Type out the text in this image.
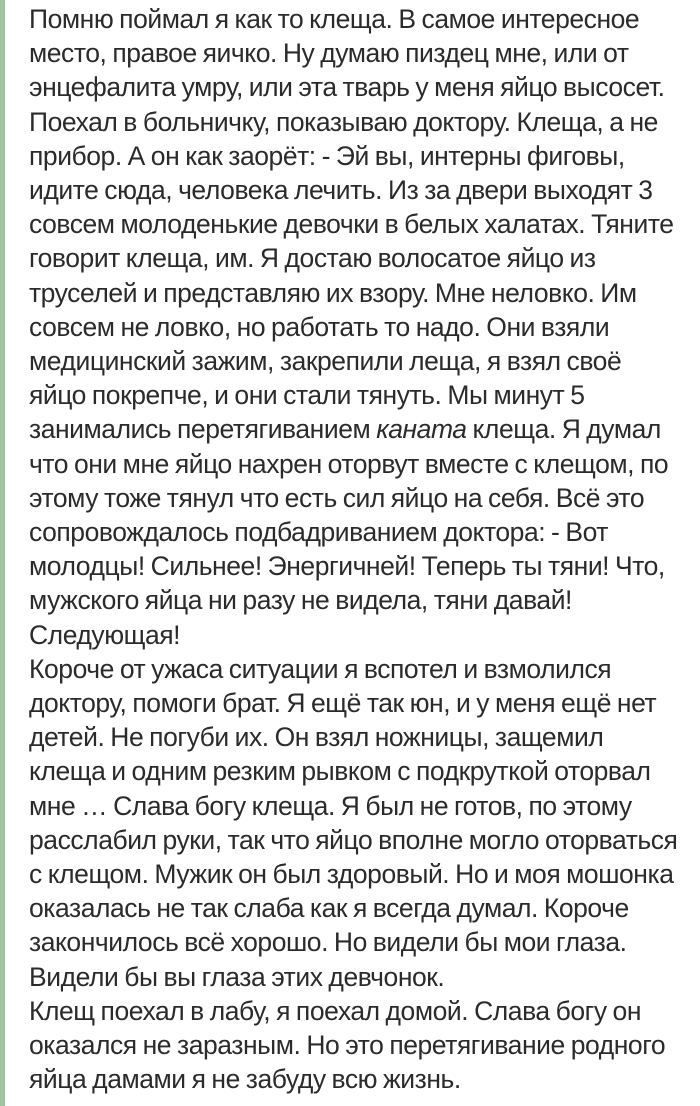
Помню поймал я как то клеща. В самое интересное
место, правое яичко. Ну думаю пиздец мне, или от
энцефалита умру, или эта тварь у меня яйцо высосет.
Поехал в больничку, показываю доктору. Клеща, а не
прибор. А он как заорёт: - Эй вы, интерны фиговы,
идите сюда, человека лечить. Из за двери выходят 3
совсем молоденькие девочки в белых халатах. Тяните
говорит клеща, им. Я достаю волосатое яйцо из
труселей и представляю их взору. Мне неловко. Им
совсем не ловко, но работать то надо. Они взяли
медицинский зажим, закрепили леща, я взял своё
яйцо покрепче, и они стали тянуть. Мы минут 5
занимались перетягиванием каната клеща. Я думал
что они мне яйцо нахрен оторвут вместе с клещом, по
этому тоже тянул что есть сил яйцо на себя. Всё это
сопровождалось подбадриванием доктора: - Вот
молодцы! Сильнее! Энергичней! Теперь ты тяни! Что,
мужского яйца ни разу не видела, тяни давай!
Следующая!
Короче от ужаса ситуации я вспотел и взмолился
доктору, помоги брат. Я ещё так юн, и у меня ещё нет
детей. Не погуби их. Он взял ножницы, защемил
клеща и одним резким рывком с подкруткой оторвал
мне … Слава богу клеща. Я был не готов, по этому
расслабил руки, так что яйцо вполне могло оторваться
с клещом. Мужик он был здоровый. Но и моя мошонка
оказалась не так слаба как я всегда думал. Короче
закончилось всё хорошо. Но видели бы мои глаза.
Видели бы вы глаза этих девчонок.
Клещ поехал в лабу, я поехал домой. Слава богу он
оказался не заразным. Но это перетягивание родного
яйца дамами я не забуду всю жизнь.
